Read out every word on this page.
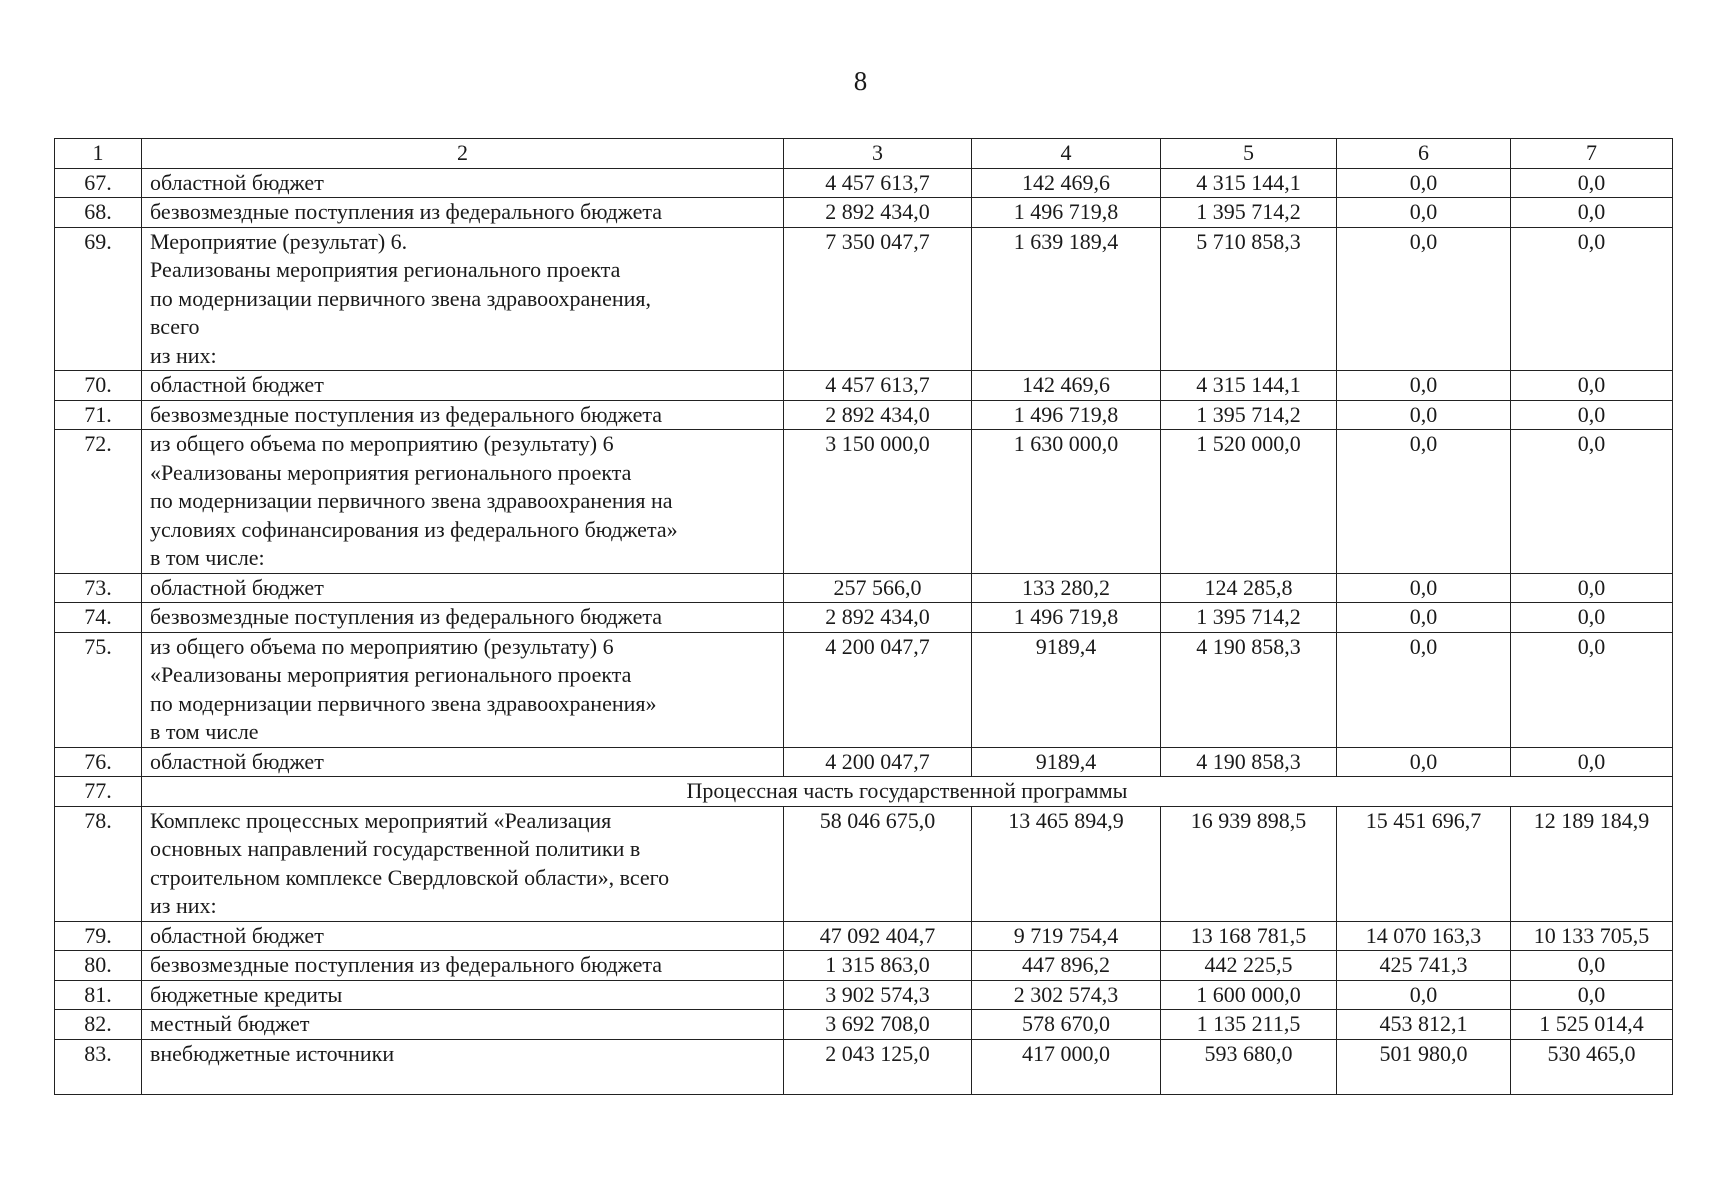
8
1	2	3	4	5	6	7
67.	областной бюджет	4 457 613,7	142 469,6	4 315 144,1	0,0	0,0
68.	безвозмездные поступления из федерального бюджета	2 892 434,0	1 496 719,8	1 395 714,2	0,0	0,0
69.	Мероприятие (результат) 6.
Реализованы мероприятия регионального проекта
по модернизации первичного звена здравоохранения,
всего
из них:	7 350 047,7	1 639 189,4	5 710 858,3	0,0	0,0
70.	областной бюджет	4 457 613,7	142 469,6	4 315 144,1	0,0	0,0
71.	безвозмездные поступления из федерального бюджета	2 892 434,0	1 496 719,8	1 395 714,2	0,0	0,0
72.	из общего объема по мероприятию (результату) 6
«Реализованы мероприятия регионального проекта
по модернизации первичного звена здравоохранения на
условиях софинансирования из федерального бюджета»
в том числе:	3 150 000,0	1 630 000,0	1 520 000,0	0,0	0,0
73.	областной бюджет	257 566,0	133 280,2	124 285,8	0,0	0,0
74.	безвозмездные поступления из федерального бюджета	2 892 434,0	1 496 719,8	1 395 714,2	0,0	0,0
75.	из общего объема по мероприятию (результату) 6
«Реализованы мероприятия регионального проекта
по модернизации первичного звена здравоохранения»
в том числе	4 200 047,7	9189,4	4 190 858,3	0,0	0,0
76.	областной бюджет	4 200 047,7	9189,4	4 190 858,3	0,0	0,0
77.	Процессная часть государственной программы					
78.	Комплекс процессных мероприятий «Реализация
основных направлений государственной политики в
строительном комплексе Свердловской области», всего
из них:	58 046 675,0	13 465 894,9	16 939 898,5	15 451 696,7	12 189 184,9
79.	областной бюджет	47 092 404,7	9 719 754,4	13 168 781,5	14 070 163,3	10 133 705,5
80.	безвозмездные поступления из федерального бюджета	1 315 863,0	447 896,2	442 225,5	425 741,3	0,0
81.	бюджетные кредиты	3 902 574,3	2 302 574,3	1 600 000,0	0,0	0,0
82.	местный бюджет	3 692 708,0	578 670,0	1 135 211,5	453 812,1	1 525 014,4
83.	внебюджетные источники	2 043 125,0	417 000,0	593 680,0	501 980,0	530 465,0
